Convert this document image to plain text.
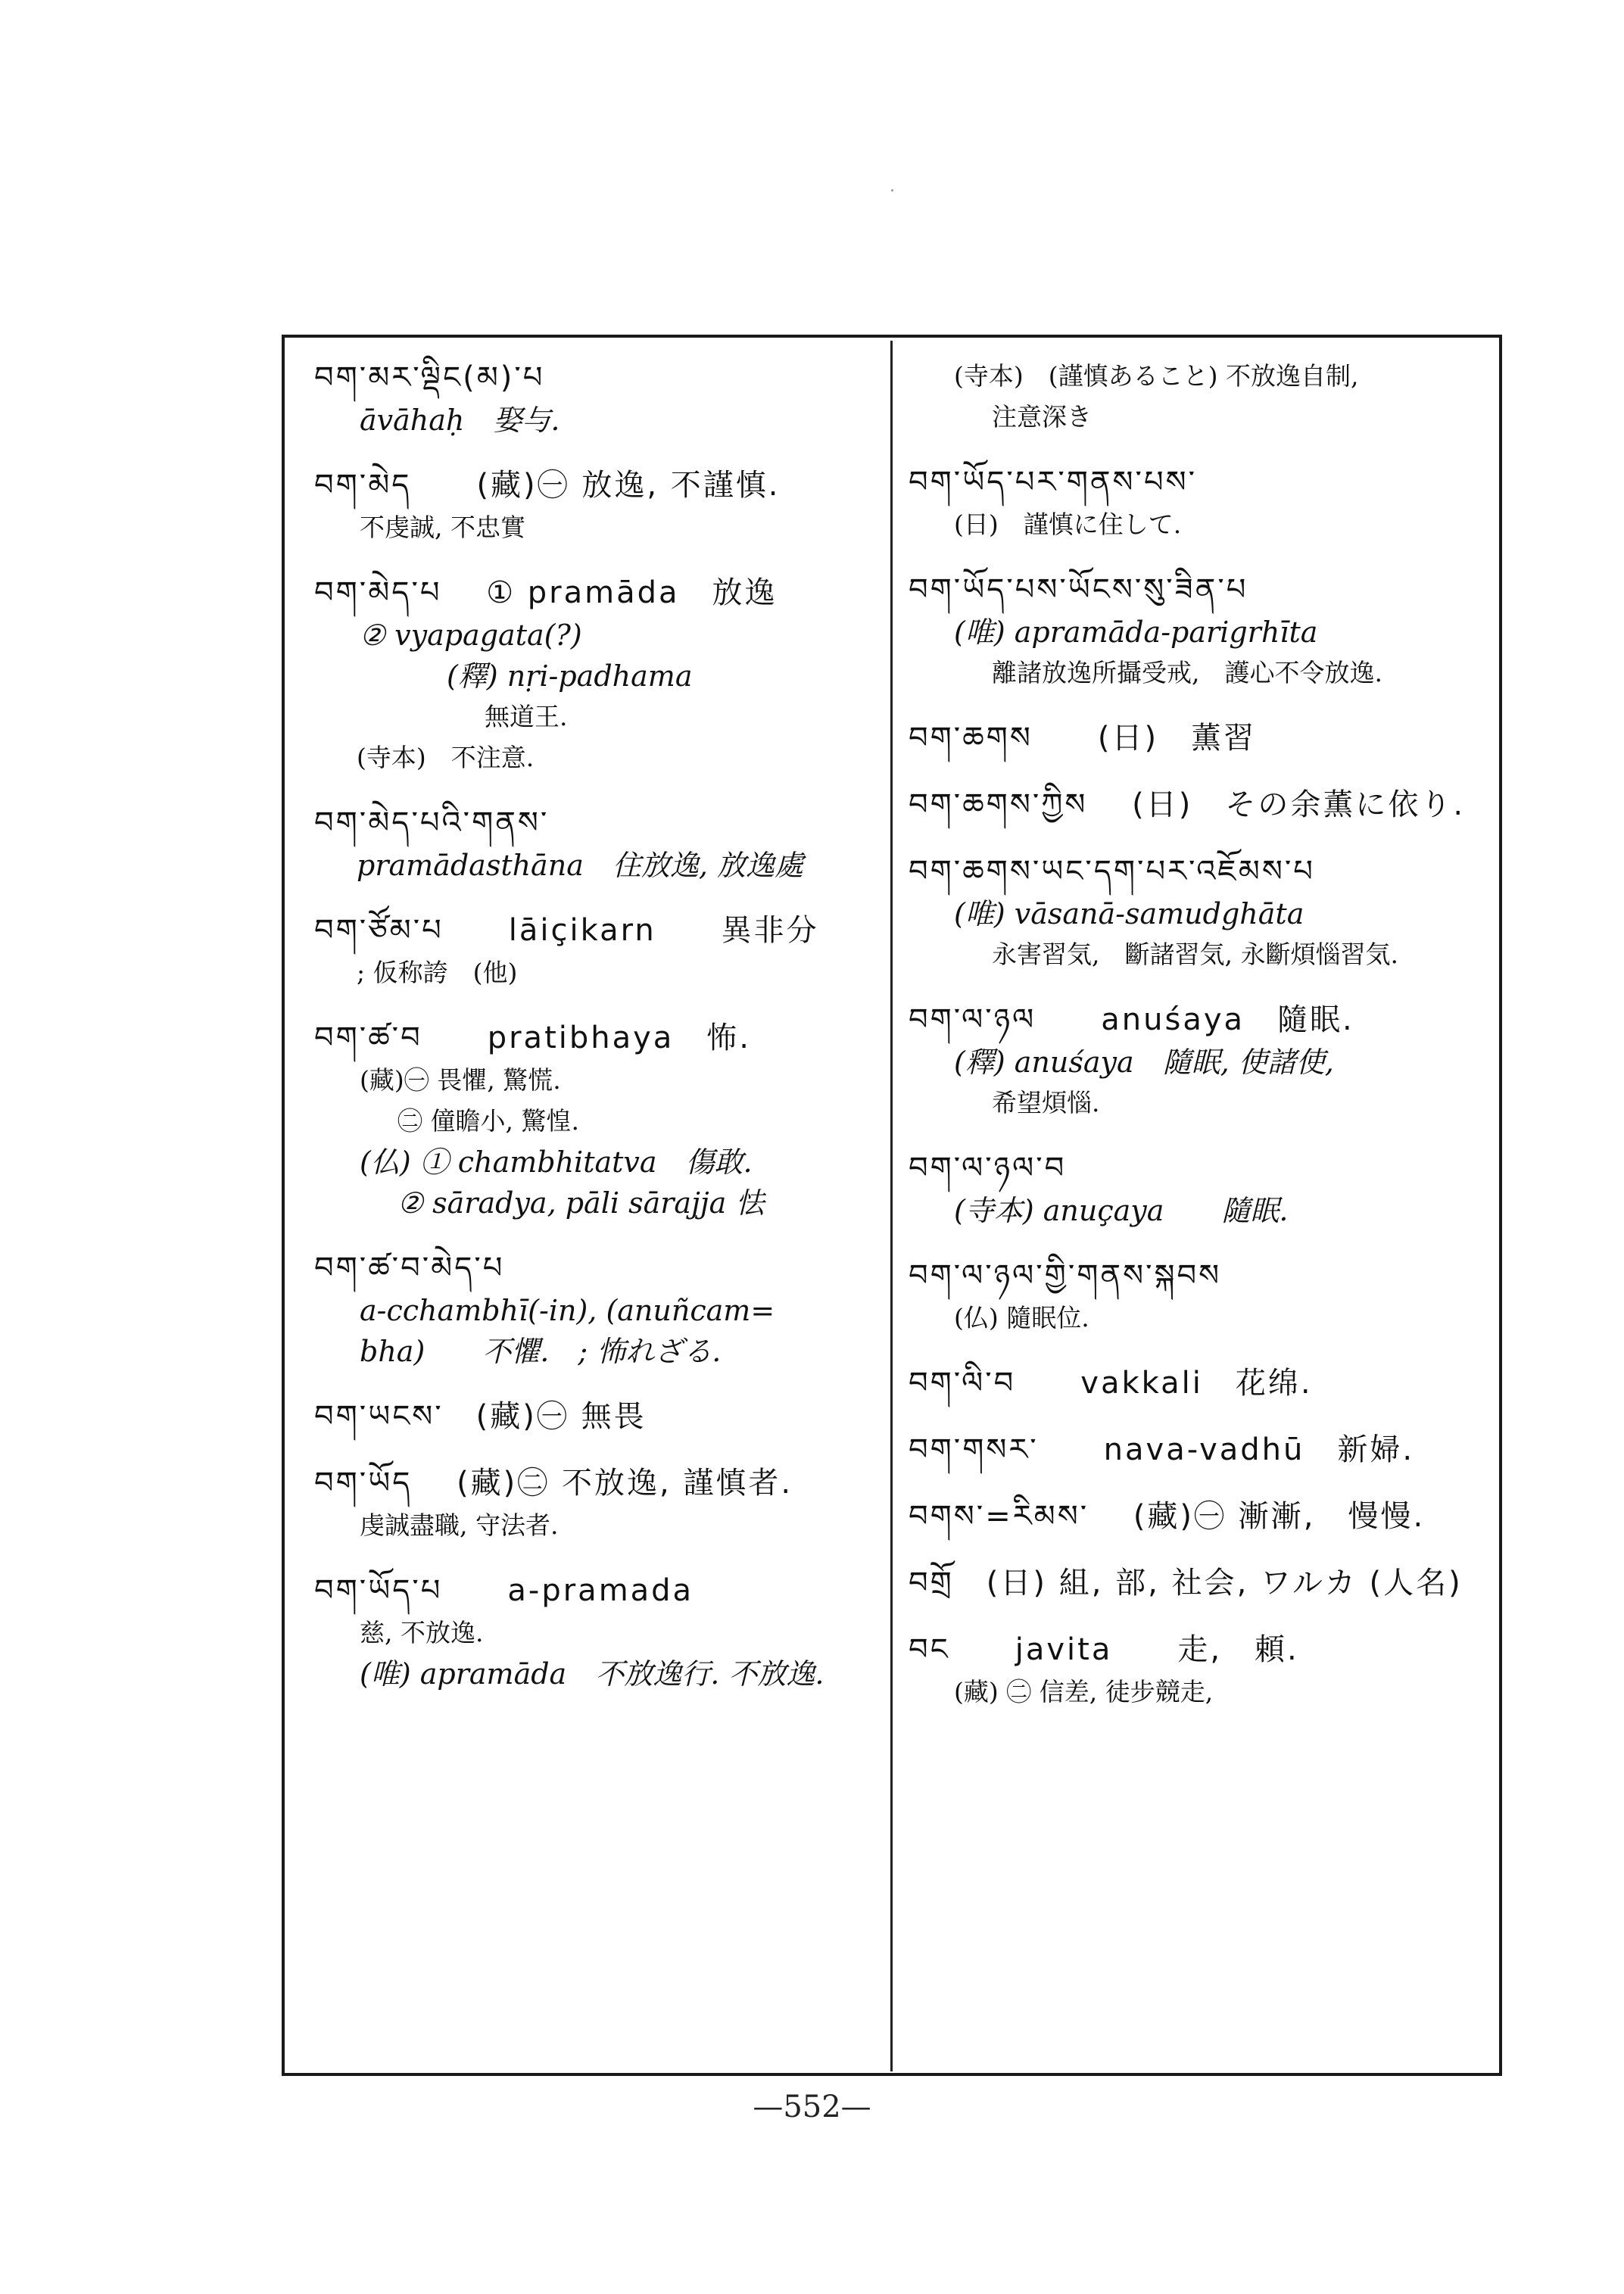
བག་མར་ལྡིང(མ)་པ
āvāhaḥ　娶与.
བག་མེད　　(藏)㊀ 放逸, 不謹慎.
不虔誠, 不忠實
བག་མེད་པ　 ① pramāda　放逸
② vyapagata(?)
(釋) nṛi-padhama
無道王.
(寺本)　不注意.
བག་མེད་པའི་གནས་
pramādasthāna　住放逸, 放逸處
བག་ཙོམ་པ　　lāiçikarn　　異非分
; 仮称誇　(他)
བག་ཚ་བ　　pratibhaya　怖.
(藏)㊀ 畏懼, 驚慌.
㊁ 僮瞻小, 驚惶.
(仏) ① chambhitatva　傷敢.
② sāradya, pāli sārajja 怯
བག་ཚ་བ་མེད་པ
a-cchambhī(-in), (anuñcam=
bha)　　不懼.　; 怖れざる.
བག་ཡངས་　(藏)㊀ 無畏
བག་ཡོད　 (藏)㊁ 不放逸, 謹慎者.
虔誠盡職, 守法者.
བག་ཡོད་པ　　a-pramada
慈, 不放逸.
(唯) apramāda　不放逸行. 不放逸.
(寺本)　(謹慎あること) 不放逸自制,
注意深き
བག་ཡོད་པར་གནས་པས་
(日)　謹慎に住して.
བག་ཡོད་པས་ཡོངས་སུ་ཟིན་པ
(唯) apramāda-parigrhīta
離諸放逸所攝受戒,　護心不令放逸.
བག་ཆགས　　(日)　薫習
བག་ཆགས་ཀྱིས　 (日)　その余薫に依り.
བག་ཆགས་ཡང་དག་པར་འཇོམས་པ
(唯) vāsanā-samudghāta
永害習気,　斷諸習気, 永斷煩惱習気.
བག་ལ་ཉལ　　anuśaya　隨眠.
(釋) anuśaya　隨眠, 使諸使,
希望煩惱.
བག་ལ་ཉལ་བ
(寺本) anuçaya　　隨眠.
བག་ལ་ཉལ་གྱི་གནས་སྐབས
(仏) 隨眠位.
བག་ལི་བ　　vakkali　花绵.
བག་གསར་　　nava-vadhū　新婦.
བགས་=རིམས་　 (藏)㊀ 漸漸,　慢慢.
བགྲོ　(日) 組, 部, 社会, ワルカ (人名)
བང　　javita　　走,　頼.
(藏) ㊁ 信差, 徒步競走,
—552—
